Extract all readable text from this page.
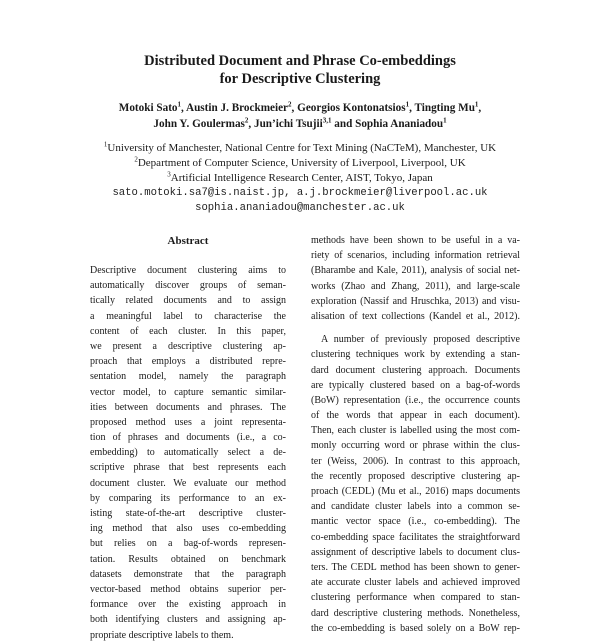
Distributed Document and Phrase Co-embeddings
for Descriptive Clustering
Motoki Sato$^1$, Austin J. Brockmeier$^2$, Georgios Kontonatsios$^1$, Tingting Mu$^1$,
John Y. Goulermas$^2$, Jun’ichi Tsujii$^{3,1}$ and Sophia Ananiadou$^1$
$^1$University of Manchester, National Centre for Text Mining (NaCTeM), Manchester, UK
$^2$Department of Computer Science, University of Liverpool, Liverpool, UK
$^3$Artificial Intelligence Research Center, AIST, Tokyo, Japan
sato.motoki.sa7@is.naist.jp, a.j.brockmeier@liverpool.ac.uk
sophia.ananiadou@manchester.ac.uk
Abstract
Descriptive document clustering aims to
automatically discover groups of seman-
tically related documents and to assign
a meaningful label to characterise the
content of each cluster. In this paper,
we present a descriptive clustering ap-
proach that employs a distributed repre-
sentation model, namely the paragraph
vector model, to capture semantic similar-
ities between documents and phrases. The
proposed method uses a joint representa-
tion of phrases and documents (i.e., a co-
embedding) to automatically select a de-
scriptive phrase that best represents each
document cluster. We evaluate our method
by comparing its performance to an ex-
isting state-of-the-art descriptive cluster-
ing method that also uses co-embedding
but relies on a bag-of-words represen-
tation. Results obtained on benchmark
datasets demonstrate that the paragraph
vector-based method obtains superior per-
formance over the existing approach in
both identifying clusters and assigning ap-
propriate descriptive labels to them.
methods have been shown to be useful in a va-
riety of scenarios, including information retrieval
(Bharambe and Kale, 2011), analysis of social net-
works (Zhao and Zhang, 2011), and large-scale
exploration (Nassif and Hruschka, 2013) and visu-
alisation of text collections (Kandel et al., 2012).
A number of previously proposed descriptive
clustering techniques work by extending a stan-
dard document clustering approach. Documents
are typically clustered based on a bag-of-words
(BoW) representation (i.e., the occurrence counts
of the words that appear in each document).
Then, each cluster is labelled using the most com-
monly occurring word or phrase within the clus-
ter (Weiss, 2006). In contrast to this approach,
the recently proposed descriptive clustering ap-
proach (CEDL) (Mu et al., 2016) maps documents
and candidate cluster labels into a common se-
mantic vector space (i.e., co-embedding). The
co-embedding space facilitates the straightforward
assignment of descriptive labels to document clus-
ters. The CEDL method has been shown to gener-
ate accurate cluster labels and achieved improved
clustering performance when compared to stan-
dard descriptive clustering methods. Nonetheless,
the co-embedding is based solely on a BoW rep-
